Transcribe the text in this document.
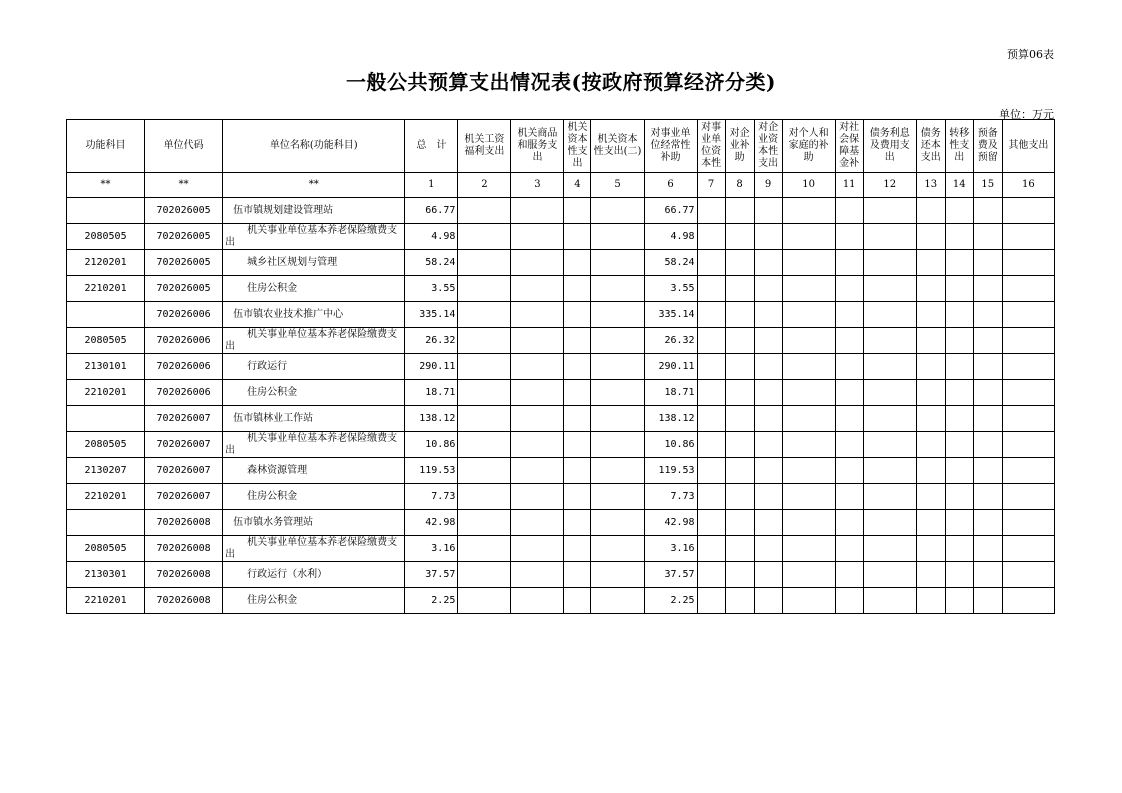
预算06表
一般公共预算支出情况表(按政府预算经济分类)
单位：万元
功能科目	单位代码	单位名称(功能科目)	总　计	机关工资福利支出	机关商品和服务支出	机关资本性支出	机关资本性支出(二)	对事业单位经常性补助	对事业单位资本性	对企业补助	对企业资本性支出	对个人和家庭的补助	对社会保障基金补	债务利息及费用支出	债务还本支出	转移性支出	预备费及预留	其他支出
**	**	**	1	2	3	4	5	6	7	8	9	10	11	12	13	14	15	16
	702026005	伍市镇规划建设管理站	66.77					66.77										
2080505	702026005	机关事业单位基本养老保险缴费支出	4.98					4.98										
2120201	702026005	城乡社区规划与管理	58.24					58.24										
2210201	702026005	住房公积金	3.55					3.55										
	702026006	伍市镇农业技术推广中心	335.14					335.14										
2080505	702026006	机关事业单位基本养老保险缴费支出	26.32					26.32										
2130101	702026006	行政运行	290.11					290.11										
2210201	702026006	住房公积金	18.71					18.71										
	702026007	伍市镇林业工作站	138.12					138.12										
2080505	702026007	机关事业单位基本养老保险缴费支出	10.86					10.86										
2130207	702026007	森林资源管理	119.53					119.53										
2210201	702026007	住房公积金	7.73					7.73										
	702026008	伍市镇水务管理站	42.98					42.98										
2080505	702026008	机关事业单位基本养老保险缴费支出	3.16					3.16										
2130301	702026008	行政运行（水利）	37.57					37.57										
2210201	702026008	住房公积金	2.25					2.25										
